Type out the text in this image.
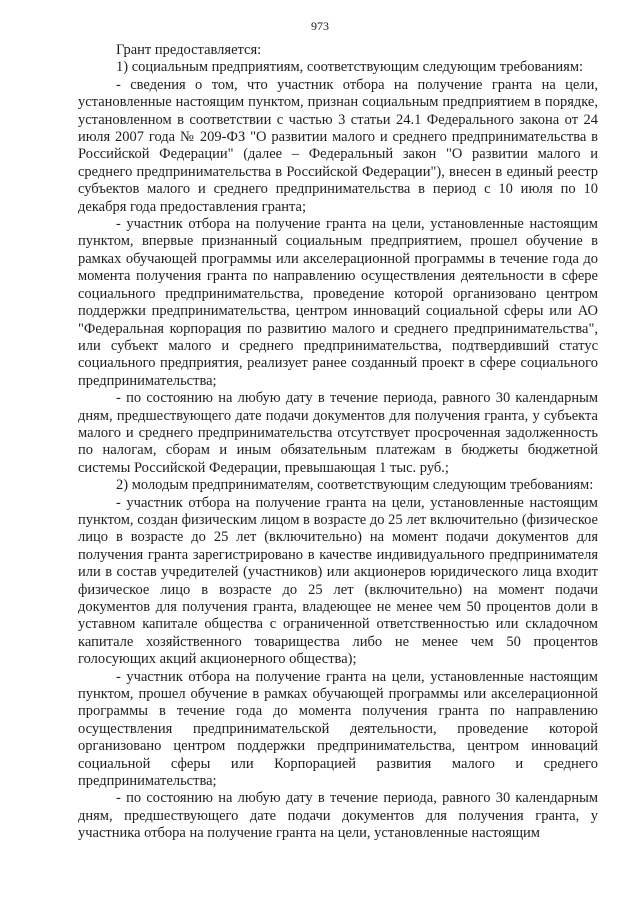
973

Грант предоставляется:

1) социальным предприятиям, соответствующим следующим требованиям:

- сведения о том, что участник отбора на получение гранта на цели, установленные настоящим пунктом, признан социальным предприятием в порядке, установленном в соответствии с частью 3 статьи 24.1 Федерального закона от 24 июля 2007 года № 209-ФЗ "О развитии малого и среднего предпринимательства в Российской Федерации" (далее – Федеральный закон "О развитии малого и среднего предпринимательства в Российской Федерации"), внесен в единый реестр субъектов малого и среднего предпринимательства в период с 10 июля по 10 декабря года предоставления гранта;

- участник отбора на получение гранта на цели, установленные настоящим пунктом, впервые признанный социальным предприятием, прошел обучение в рамках обучающей программы или акселерационной программы в течение года до момента получения гранта по направлению осуществления деятельности в сфере социального предпринимательства, проведение которой организовано центром поддержки предпринимательства, центром инноваций социальной сферы или АО "Федеральная корпорация по развитию малого и среднего предпринимательства", или субъект малого и среднего предпринимательства, подтвердивший статус социального предприятия, реализует ранее созданный проект в сфере социального предпринимательства;

- по состоянию на любую дату в течение периода, равного 30 календарным дням, предшествующего дате подачи документов для получения гранта, у субъекта малого и среднего предпринимательства отсутствует просроченная задолженность по налогам, сборам и иным обязательным платежам в бюджеты бюджетной системы Российской Федерации, превышающая 1 тыс. руб.;

2) молодым предпринимателям, соответствующим следующим требованиям:

- участник отбора на получение гранта на цели, установленные настоящим пунктом, создан физическим лицом в возрасте до 25 лет включительно (физическое лицо в возрасте до 25 лет (включительно) на момент подачи документов для получения гранта зарегистрировано в качестве индивидуального предпринимателя или в состав учредителей (участников) или акционеров юридического лица входит физическое лицо в возрасте до 25 лет (включительно) на момент подачи документов для получения гранта, владеющее не менее чем 50 процентов доли в уставном капитале общества с ограниченной ответственностью или складочном капитале хозяйственного товарищества либо не менее чем 50 процентов голосующих акций акционерного общества);

- участник отбора на получение гранта на цели, установленные настоящим пунктом, прошел обучение в рамках обучающей программы или акселерационной программы в течение года до момента получения гранта по направлению осуществления предпринимательской деятельности, проведение которой организовано центром поддержки предпринимательства, центром инноваций социальной сферы или Корпорацией развития малого и среднего предпринимательства;

- по состоянию на любую дату в течение периода, равного 30 календарным дням, предшествующего дате подачи документов для получения гранта, у участника отбора на получение гранта на цели, установленные настоящим
